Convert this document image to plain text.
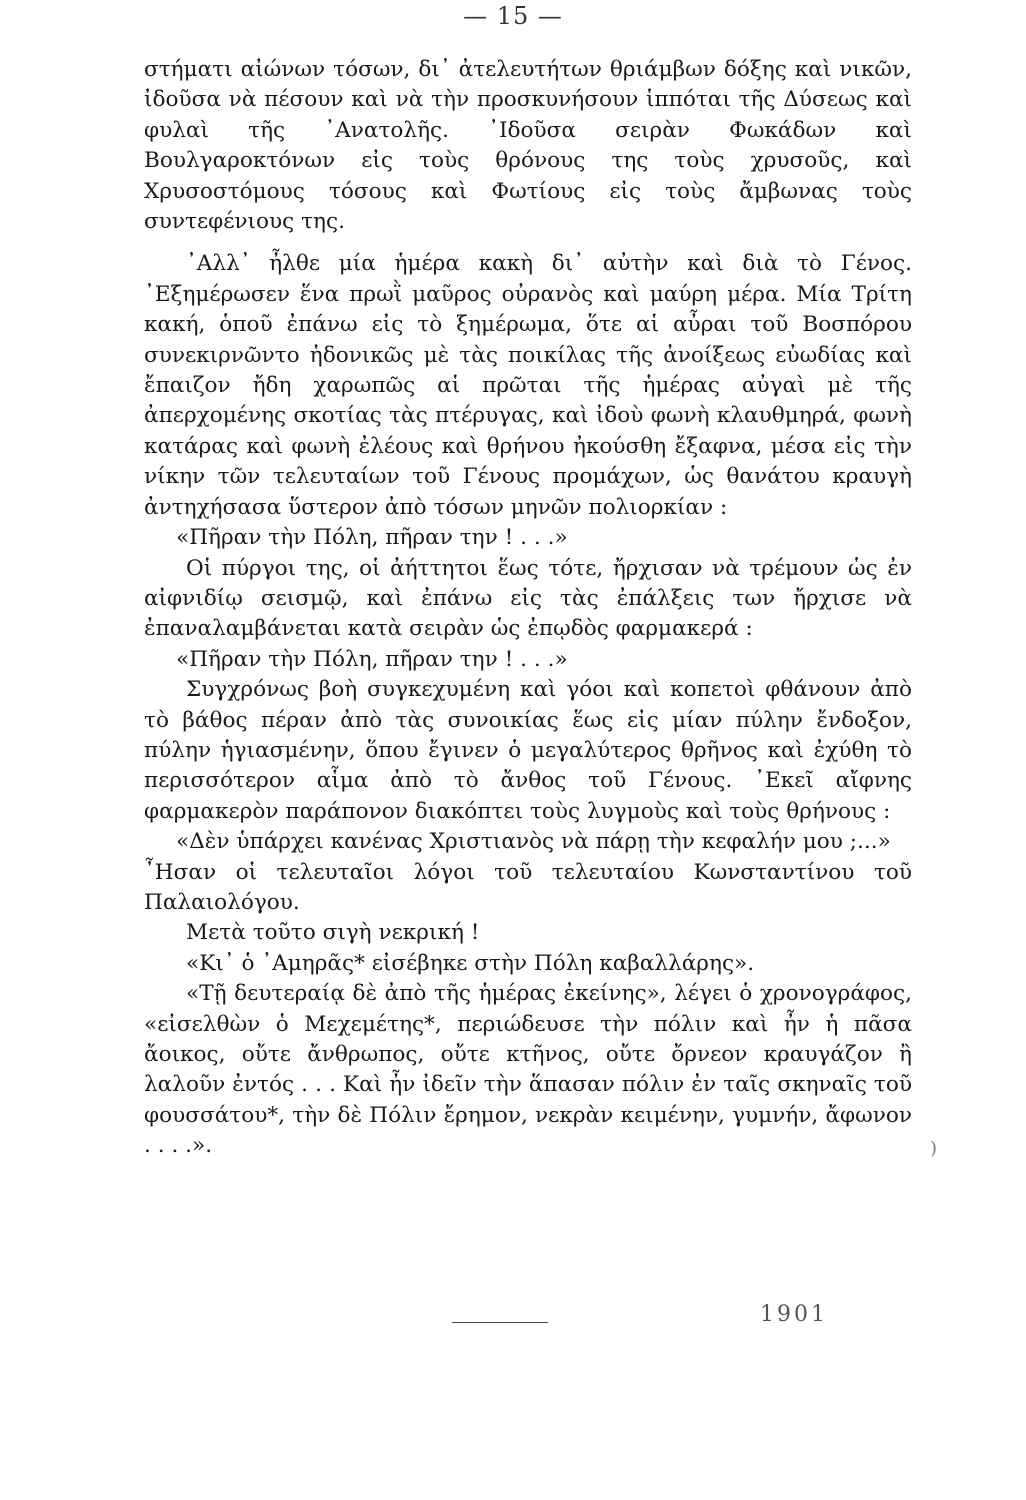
— 15 —

στήματι αἰώνων τόσων, δι᾽ ἀτελευτήτων θριάμβων δόξης καὶ νικῶν, ἰδοῦσα νὰ πέσουν καὶ νὰ τὴν προσκυνήσουν ἱππόται τῆς Δύσεως καὶ φυλαὶ τῆς ᾿Ανατολῆς. ᾿Ιδοῦσα σειρὰν Φωκάδων καὶ Βουλγαροκτόνων εἰς τοὺς θρόνους της τοὺς χρυσοῦς, καὶ Χρυσοστόμους τόσους καὶ Φωτίους εἰς τοὺς ἄμβωνας τοὺς συντεφένιους της.

᾿Αλλ᾽ ἦλθε μία ἡμέρα κακὴ δι᾽ αὐτὴν καὶ διὰ τὸ Γένος. ᾿Εξημέρωσεν ἕνα πρωῒ μαῦρος οὐρανὸς καὶ μαύρη μέρα. Μία Τρίτη κακή, ὁποῦ ἐπάνω εἰς τὸ ξημέρωμα, ὅτε αἱ αὖραι τοῦ Βοσπόρου συνεκιρνῶντο ἡδονικῶς μὲ τὰς ποικίλας τῆς ἀνοίξεως εὐωδίας καὶ ἔπαιζον ἤδη χαρωπῶς αἱ πρῶται τῆς ἡμέρας αὐγαὶ μὲ τῆς ἀπερχομένης σκοτίας τὰς πτέρυγας, καὶ ἰδοὺ φωνὴ κλαυθμηρά, φωνὴ κατάρας καὶ φωνὴ ἐλέους καὶ θρήνου ἠκούσθη ἔξαφνα, μέσα εἰς τὴν νίκην τῶν τελευταίων τοῦ Γένους προμάχων, ὡς θανάτου κραυγὴ ἀντηχήσασα ὕστερον ἀπὸ τόσων μηνῶν πολιορκίαν :

«Πῆραν τὴν Πόλη, πῆραν την ! . . .»

Οἱ πύργοι της, οἱ ἀήττητοι ἕως τότε, ἤρχισαν νὰ τρέμουν ὡς ἐν αἰφνιδίῳ σεισμῷ, καὶ ἐπάνω εἰς τὰς ἐπάλξεις των ἤρχισε νὰ ἐπαναλαμβάνεται κατὰ σειρὰν ὡς ἐπῳδὸς φαρμακερά :

«Πῆραν τὴν Πόλη, πῆραν την ! . . .»

Συγχρόνως βοὴ συγκεχυμένη καὶ γόοι καὶ κοπετοὶ φθάνουν ἀπὸ τὸ βάθος πέραν ἀπὸ τὰς συνοικίας ἕως εἰς μίαν πύλην ἔνδοξον, πύλην ἡγιασμένην, ὅπου ἔγινεν ὁ μεγαλύτερος θρῆνος καὶ ἐχύθη τὸ περισσότερον αἷμα ἀπὸ τὸ ἄνθος τοῦ Γένους. ᾿Εκεῖ αἴφνης φαρμακερὸν παράπονον διακόπτει τοὺς λυγμοὺς καὶ τοὺς θρήνους :

«Δὲν ὑπάρχει κανένας Χριστιανὸς νὰ πάρῃ τὴν κεφαλήν μου ;...»

῏Ησαν οἱ τελευταῖοι λόγοι τοῦ τελευταίου Κωνσταντίνου τοῦ Παλαιολόγου.

Μετὰ τοῦτο σιγὴ νεκρική !

«Κι᾽ ὁ ᾿Αμηρᾶς* εἰσέβηκε στὴν Πόλη καβαλλάρης».

«Τῇ δευτεραίᾳ δὲ ἀπὸ τῆς ἡμέρας ἐκείνης», λέγει ὁ χρονογράφος, «εἰσελθὼν ὁ Μεχεμέτης*, περιώδευσε τὴν πόλιν καὶ ἦν ἡ πᾶσα ἄοικος, οὔτε ἄνθρωπος, οὔτε κτῆνος, οὔτε ὄρνεον κραυγάζον ἢ λαλοῦν ἐντός . . . Καὶ ἦν ἰδεῖν τὴν ἅπασαν πόλιν ἐν ταῖς σκηναῖς τοῦ φουσσάτου*, τὴν δὲ Πόλιν ἔρημον, νεκρὰν κειμένην, γυμνήν, ἄφωνον . . . .».	)
1901
